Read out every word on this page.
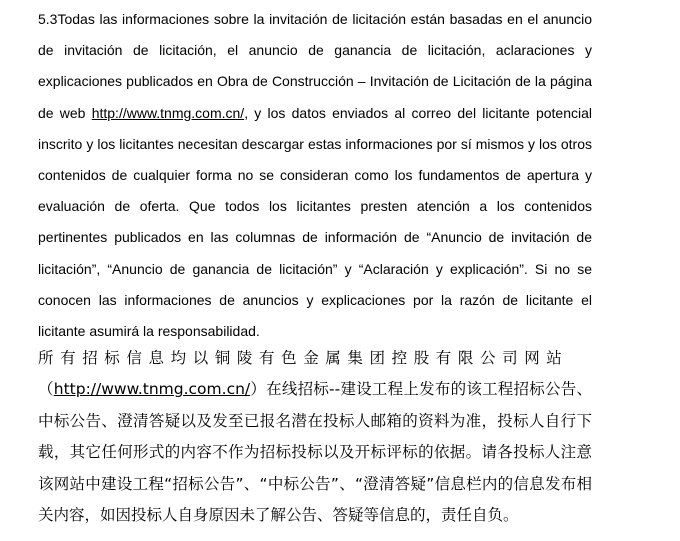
5.3Todas las informaciones sobre la invitación de licitación están basadas en el anuncio de invitación de licitación, el anuncio de ganancia de licitación, aclaraciones y explicaciones publicados en Obra de Construcción – Invitación de Licitación de la página de web http://www.tnmg.com.cn/, y los datos enviados al correo del licitante potencial inscrito y los licitantes necesitan descargar estas informaciones por sí mismos y los otros contenidos de cualquier forma no se consideran como los fundamentos de apertura y evaluación de oferta. Que todos los licitantes presten atención a los contenidos pertinentes publicados en las columnas de información de “Anuncio de invitación de licitación”, “Anuncio de ganancia de licitación” y “Aclaración y explicación”. Si no se conocen las informaciones de anuncios y explicaciones por la razón de licitante el licitante asumirá la responsabilidad.

所有招标信息均以铜陵有色金属集团控股有限公司网站
（http://www.tnmg.com.cn/）在线招标--建设工程上发布的该工程招标公告、中标公告、澄清答疑以及发至已报名潜在投标人邮箱的资料为准，投标人自行下载，其它任何形式的内容不作为招标投标以及开标评标的依据。请各投标人注意该网站中建设工程“招标公告”、“中标公告”、“澄清答疑”信息栏内的信息发布相关内容，如因投标人自身原因未了解公告、答疑等信息的，责任自负。
